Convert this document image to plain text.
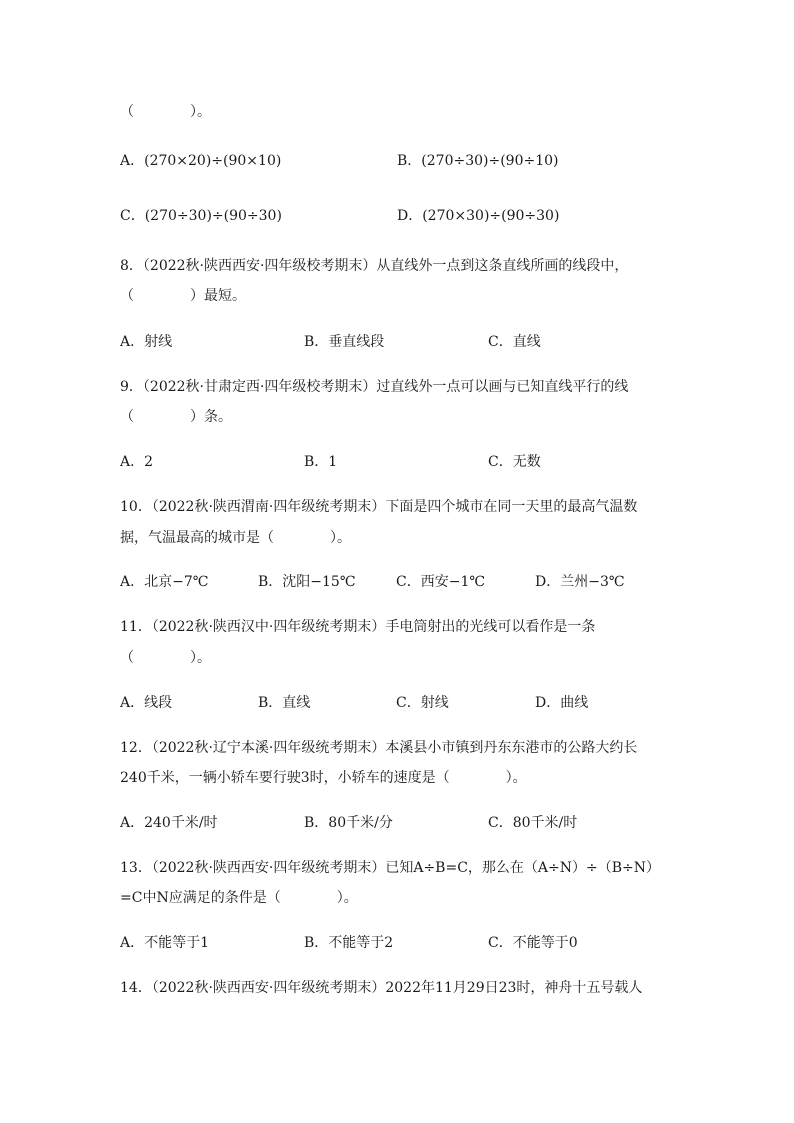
（　　　　）。
A．(270×20)÷(90×10)	B．(270÷30)÷(90÷10)
C．(270÷30)÷(90÷30)	D．(270×30)÷(90÷30)
8．（2022秋·陕西西安·四年级校考期末）从直线外一点到这条直线所画的线段中，
（　　　　）最短。
A．射线	B．垂直线段	C．直线
9．（2022秋·甘肃定西·四年级校考期末）过直线外一点可以画与已知直线平行的线
（　　　　）条。
A．2	B．1	C．无数
10．（2022秋·陕西渭南·四年级统考期末）下面是四个城市在同一天里的最高气温数
据，气温最高的城市是（　　　　）。
A．北京−7℃	B．沈阳−15℃	C．西安−1℃	D．兰州−3℃
11．（2022秋·陕西汉中·四年级统考期末）手电筒射出的光线可以看作是一条
（　　　　）。
A．线段	B．直线	C．射线	D．曲线
12．（2022秋·辽宁本溪·四年级统考期末）本溪县小市镇到丹东东港市的公路大约长
240千米，一辆小轿车要行驶3时，小轿车的速度是（　　　　）。
A．240千米/时	B．80千米/分	C．80千米/时
13．（2022秋·陕西西安·四年级统考期末）已知A÷B=C，那么在（A÷N）÷（B÷N）
=C中N应满足的条件是（　　　　）。
A．不能等于1	B．不能等于2	C．不能等于0
14．（2022秋·陕西西安·四年级统考期末）2022年11月29日23时，神舟十五号载人
